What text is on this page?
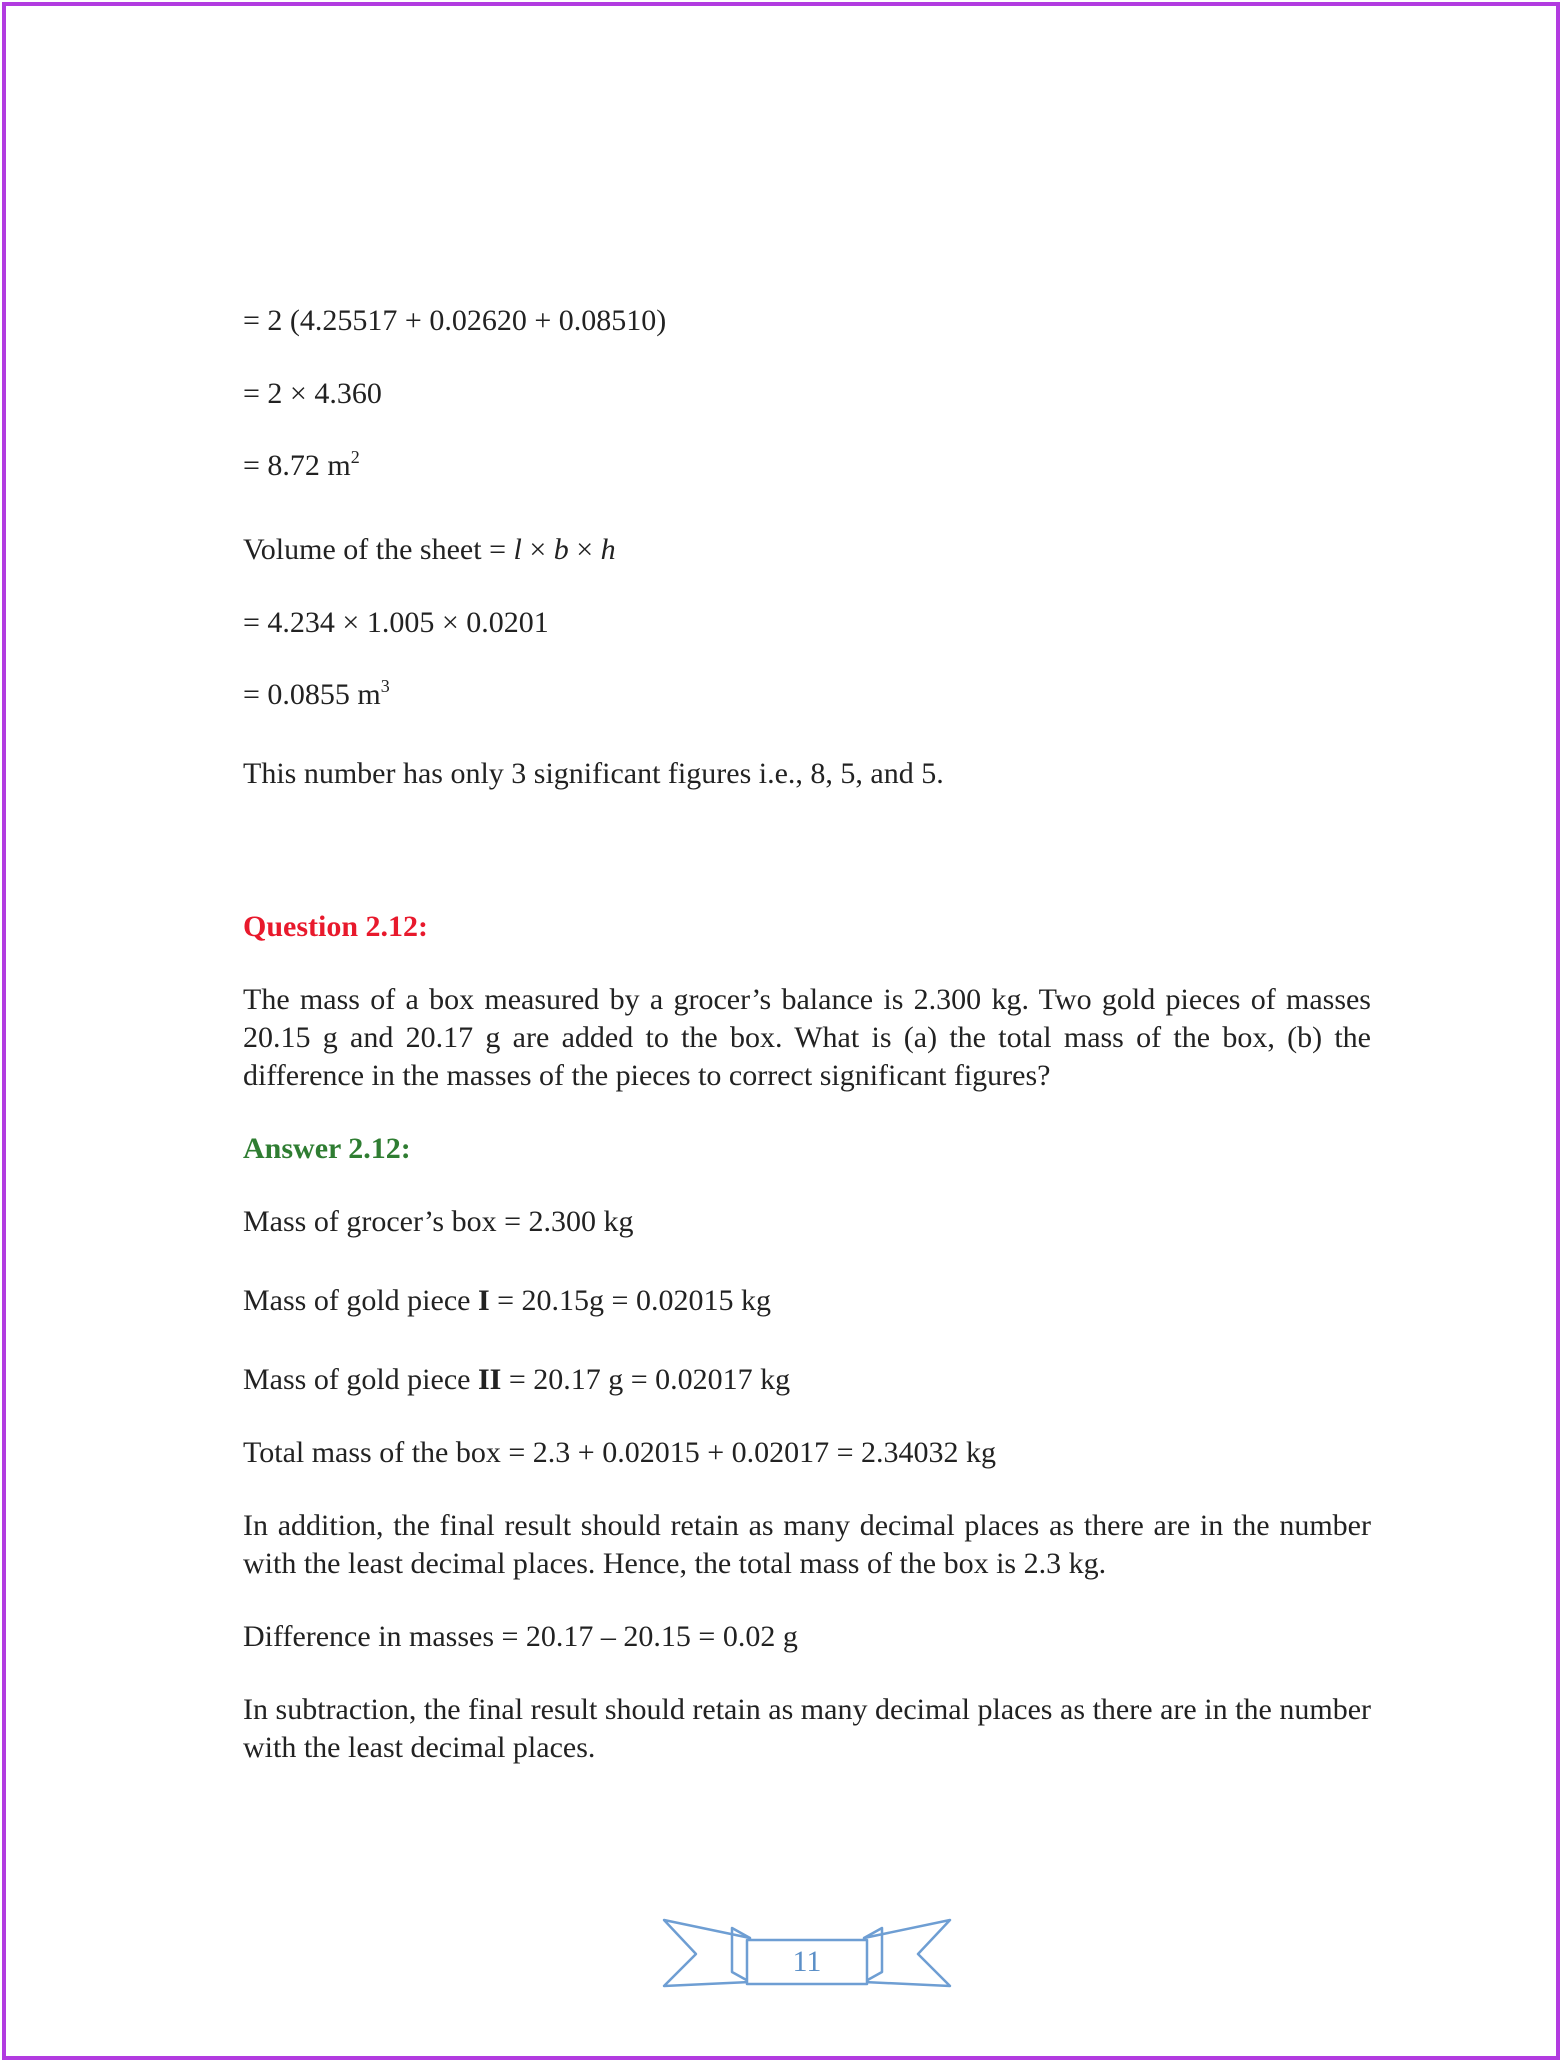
= 2 (4.25517 + 0.02620 + 0.08510)
= 2 × 4.360
= 8.72 $m^2$
Volume of the sheet = l × b × h
= 4.234 × 1.005 × 0.0201
= 0.0855 $m^3$
This number has only 3 significant figures i.e., 8, 5, and 5.
Question 2.12:
The mass of a box measured by a grocer’s balance is 2.300 kg. Two gold pieces of masses 20.15 g and 20.17 g are added to the box. What is (a) the total mass of the box, (b) the difference in the masses of the pieces to correct significant figures?
Answer 2.12:
Mass of grocer’s box = 2.300 kg
Mass of gold piece I = 20.15g = 0.02015 kg
Mass of gold piece II = 20.17 g = 0.02017 kg
Total mass of the box = 2.3 + 0.02015 + 0.02017 = 2.34032 kg
In addition, the final result should retain as many decimal places as there are in the number with the least decimal places. Hence, the total mass of the box is 2.3 kg.
Difference in masses = 20.17 – 20.15 = 0.02 g
In subtraction, the final result should retain as many decimal places as there are in the number with the least decimal places.
11
